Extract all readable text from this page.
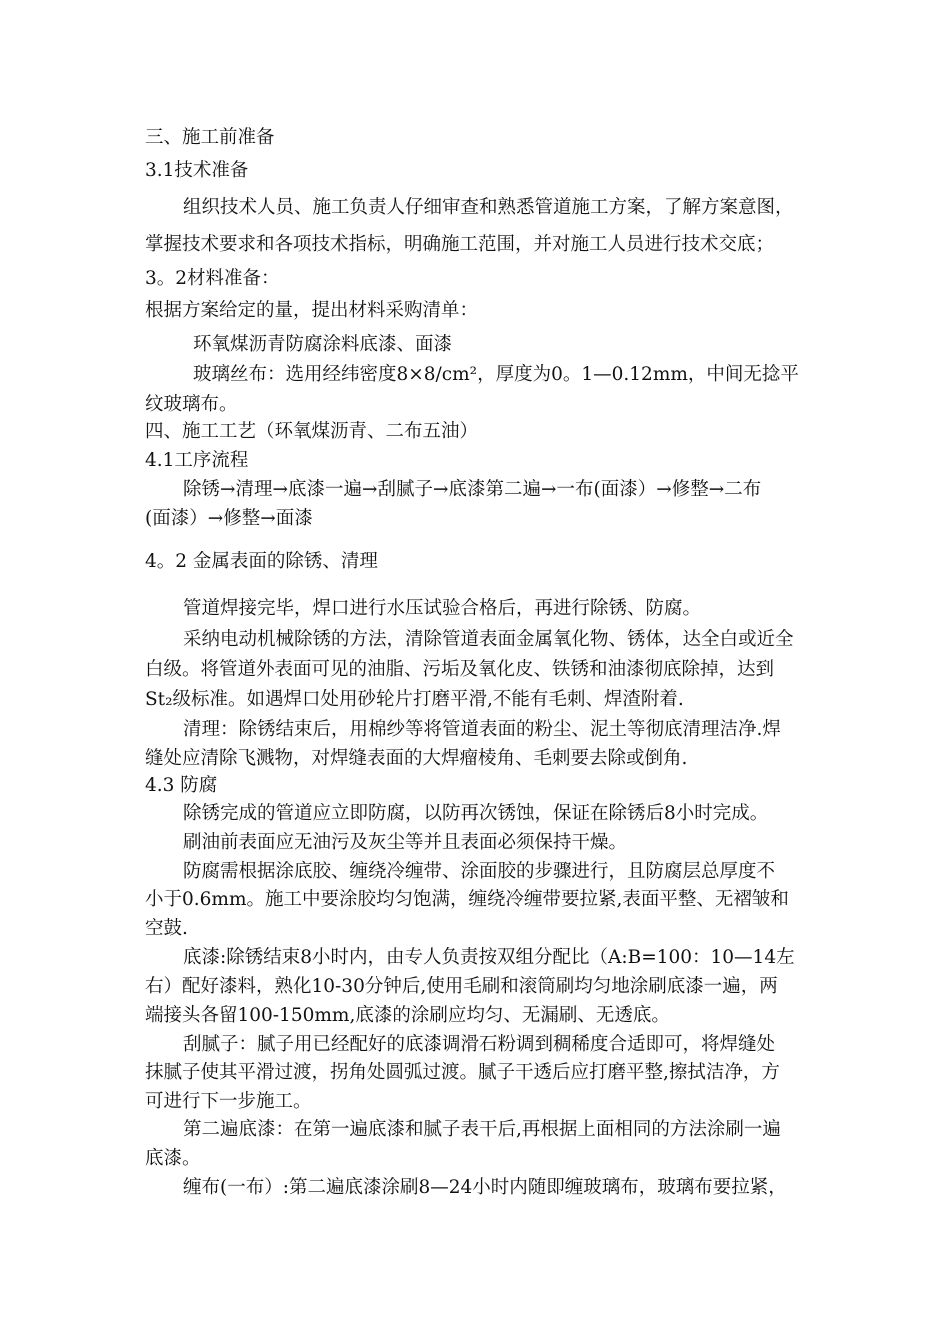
三、施工前准备
3.1技术准备
组织技术人员、施工负责人仔细审查和熟悉管道施工方案，了解方案意图，
掌握技术要求和各项技术指标，明确施工范围，并对施工人员进行技术交底；
3。2材料准备：
根据方案给定的量，提出材料采购清单：
环氧煤沥青防腐涂料底漆、面漆
玻璃丝布：选用经纬密度8×8/cm²，厚度为0。1—0.12mm，中间无捻平
纹玻璃布。
四、施工工艺（环氧煤沥青、二布五油）
4.1工序流程
除锈→清理→底漆一遍→刮腻子→底漆第二遍→一布(面漆）→修整→二布
(面漆）→修整→面漆
4。2 金属表面的除锈、清理
管道焊接完毕，焊口进行水压试验合格后，再进行除锈、防腐。
采纳电动机械除锈的方法，清除管道表面金属氧化物、锈体，达全白或近全
白级。将管道外表面可见的油脂、污垢及氧化皮、铁锈和油漆彻底除掉，达到
St₂级标准。如遇焊口处用砂轮片打磨平滑,不能有毛刺、焊渣附着.
清理：除锈结束后，用棉纱等将管道表面的粉尘、泥土等彻底清理洁净.焊
缝处应清除飞溅物，对焊缝表面的大焊瘤棱角、毛刺要去除或倒角.
4.3 防腐
除锈完成的管道应立即防腐，以防再次锈蚀，保证在除锈后8小时完成。
刷油前表面应无油污及灰尘等并且表面必须保持干燥。
防腐需根据涂底胶、缠绕冷缠带、涂面胶的步骤进行，且防腐层总厚度不
小于0.6mm。施工中要涂胶均匀饱满，缠绕冷缠带要拉紧,表面平整、无褶皱和
空鼓.
底漆:除锈结束8小时内，由专人负责按双组分配比（A:B=100：10—14左
右）配好漆料，熟化10-30分钟后,使用毛刷和滚筒刷均匀地涂刷底漆一遍，两
端接头各留100-150mm,底漆的涂刷应均匀、无漏刷、无透底。
刮腻子：腻子用已经配好的底漆调滑石粉调到稠稀度合适即可，将焊缝处
抹腻子使其平滑过渡，拐角处圆弧过渡。腻子干透后应打磨平整,擦拭洁净，方
可进行下一步施工。
第二遍底漆：在第一遍底漆和腻子表干后,再根据上面相同的方法涂刷一遍
底漆。
缠布(一布）:第二遍底漆涂刷8—24小时内随即缠玻璃布，玻璃布要拉紧，
